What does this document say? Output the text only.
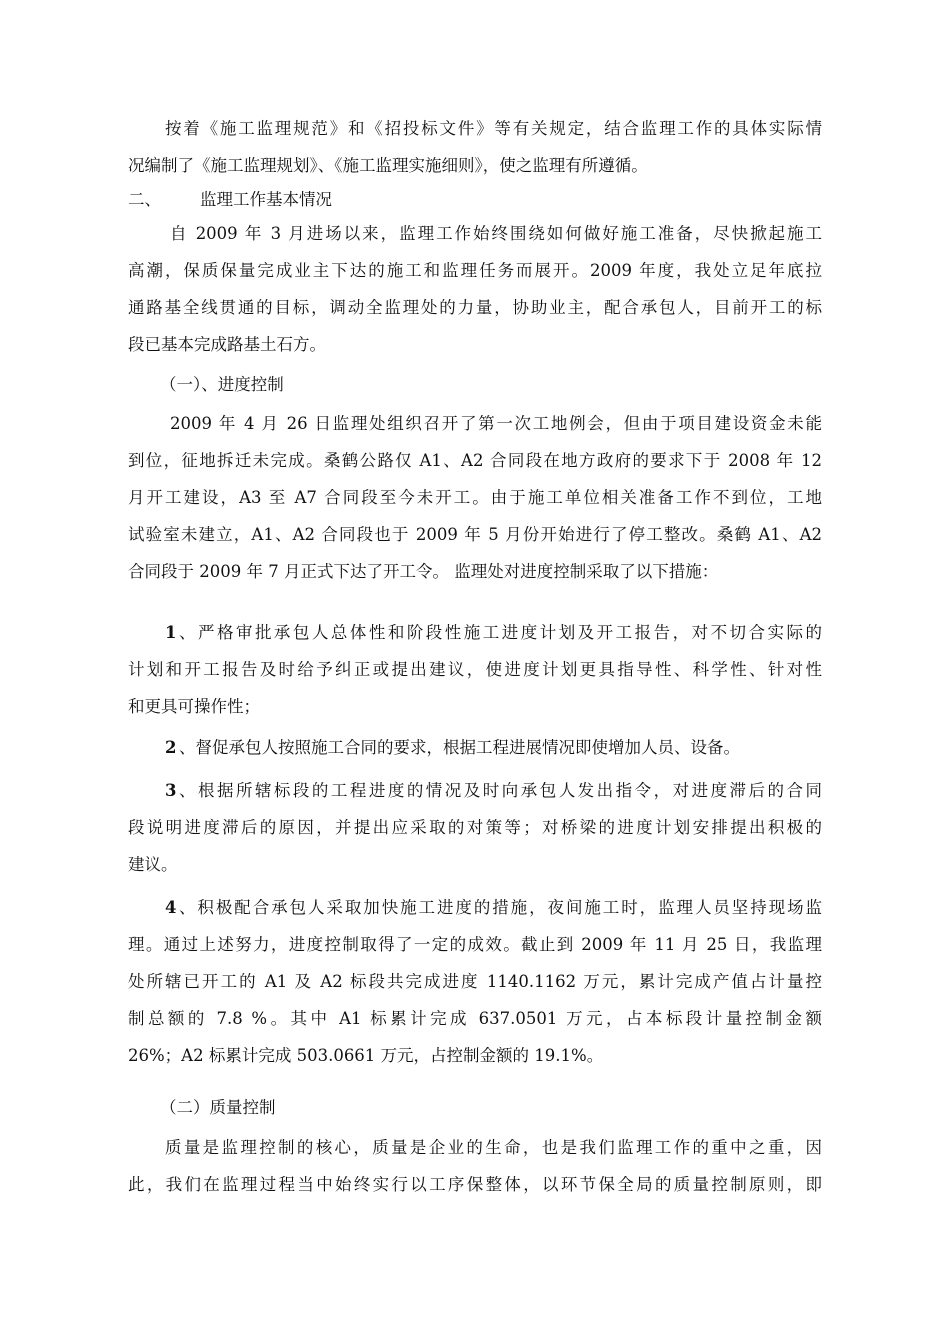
按着《施工监理规范》和《招投标文件》等有关规定，结合监理工作的具体实际情
况编制了《施工监理规划》、《施工监理实施细则》，使之监理有所遵循。
二、	监理工作基本情况
自 2009 年 3 月进场以来，监理工作始终围绕如何做好施工准备，尽快掀起施工
高潮，保质保量完成业主下达的施工和监理任务而展开。2009 年度，我处立足年底拉
通路基全线贯通的目标，调动全监理处的力量，协助业主，配合承包人，目前开工的标
段已基本完成路基土石方。
（一）、进度控制
2009 年 4 月 26 日监理处组织召开了第一次工地例会，但由于项目建设资金未能
到位，征地拆迁未完成。桑鹤公路仅 A1、A2 合同段在地方政府的要求下于 2008 年 12
月开工建设，A3 至 A7 合同段至今未开工。由于施工单位相关准备工作不到位，工地
试验室未建立，A1、A2 合同段也于 2009 年 5 月份开始进行了停工整改。桑鹤 A1、A2
合同段于 2009 年 7 月正式下达了开工令。 监理处对进度控制采取了以下措施：
1 、严格审批承包人总体性和阶段性施工进度计划及开工报告，对不切合实际的
计划和开工报告及时给予纠正或提出建议，使进度计划更具指导性、科学性、针对性
和更具可操作性；
2 、督促承包人按照施工合同的要求，根据工程进展情况即使增加人员、设备。
3 、根据所辖标段的工程进度的情况及时向承包人发出指令，对进度滞后的合同
段说明进度滞后的原因，并提出应采取的对策等；对桥梁的进度计划安排提出积极的
建议。
4 、积极配合承包人采取加快施工进度的措施，夜间施工时，监理人员坚持现场监
理。通过上述努力，进度控制取得了一定的成效。截止到 2009 年 11 月 25 日，我监理
处所辖已开工的 A1 及 A2 标段共完成进度 1140.1162 万元，累计完成产值占计量控
制总额的 7.8 %。其中 A1 标累计完成 637.0501 万元，占本标段计量控制金额
26%；A2 标累计完成 503.0661 万元，占控制金额的 19.1%。
（二）质量控制
质量是监理控制的核心，质量是企业的生命，也是我们监理工作的重中之重，因
此，我们在监理过程当中始终实行以工序保整体，以环节保全局的质量控制原则，即
